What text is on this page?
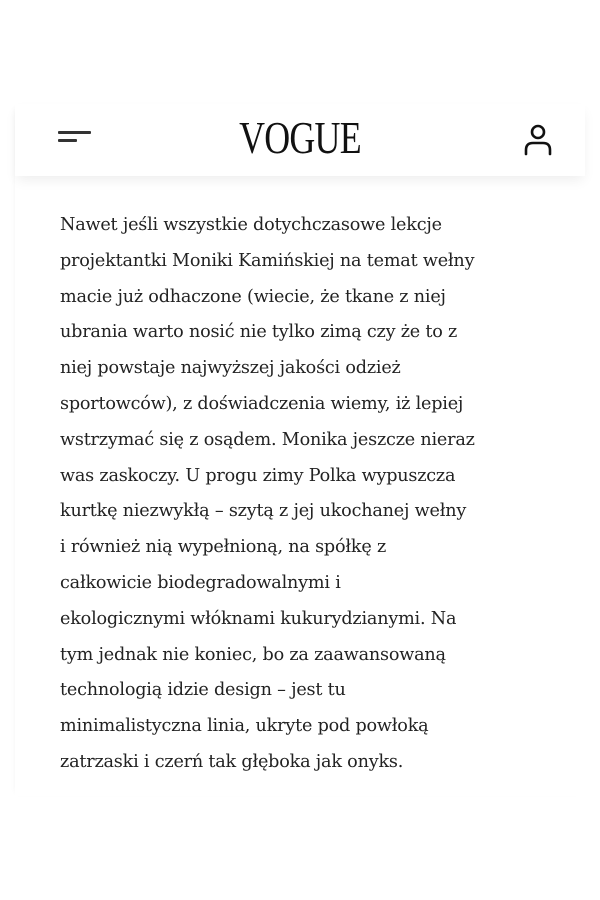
VOGUE

Nawet jeśli wszystkie dotychczasowe lekcje
projektantki Moniki Kamińskiej na temat wełny
macie już odhaczone (wiecie, że tkane z niej
ubrania warto nosić nie tylko zimą czy że to z
niej powstaje najwyższej jakości odzież
sportowców), z doświadczenia wiemy, iż lepiej
wstrzymać się z osądem. Monika jeszcze nieraz
was zaskoczy. U progu zimy Polka wypuszcza
kurtkę niezwykłą – szytą z jej ukochanej wełny
i również nią wypełnioną, na spółkę z
całkowicie biodegradowalnymi i
ekologicznymi włóknami kukurydzianymi. Na
tym jednak nie koniec, bo za zaawansowaną
technologią idzie design – jest tu
minimalistyczna linia, ukryte pod powłoką
zatrzaski i czerń tak głęboka jak onyks.
